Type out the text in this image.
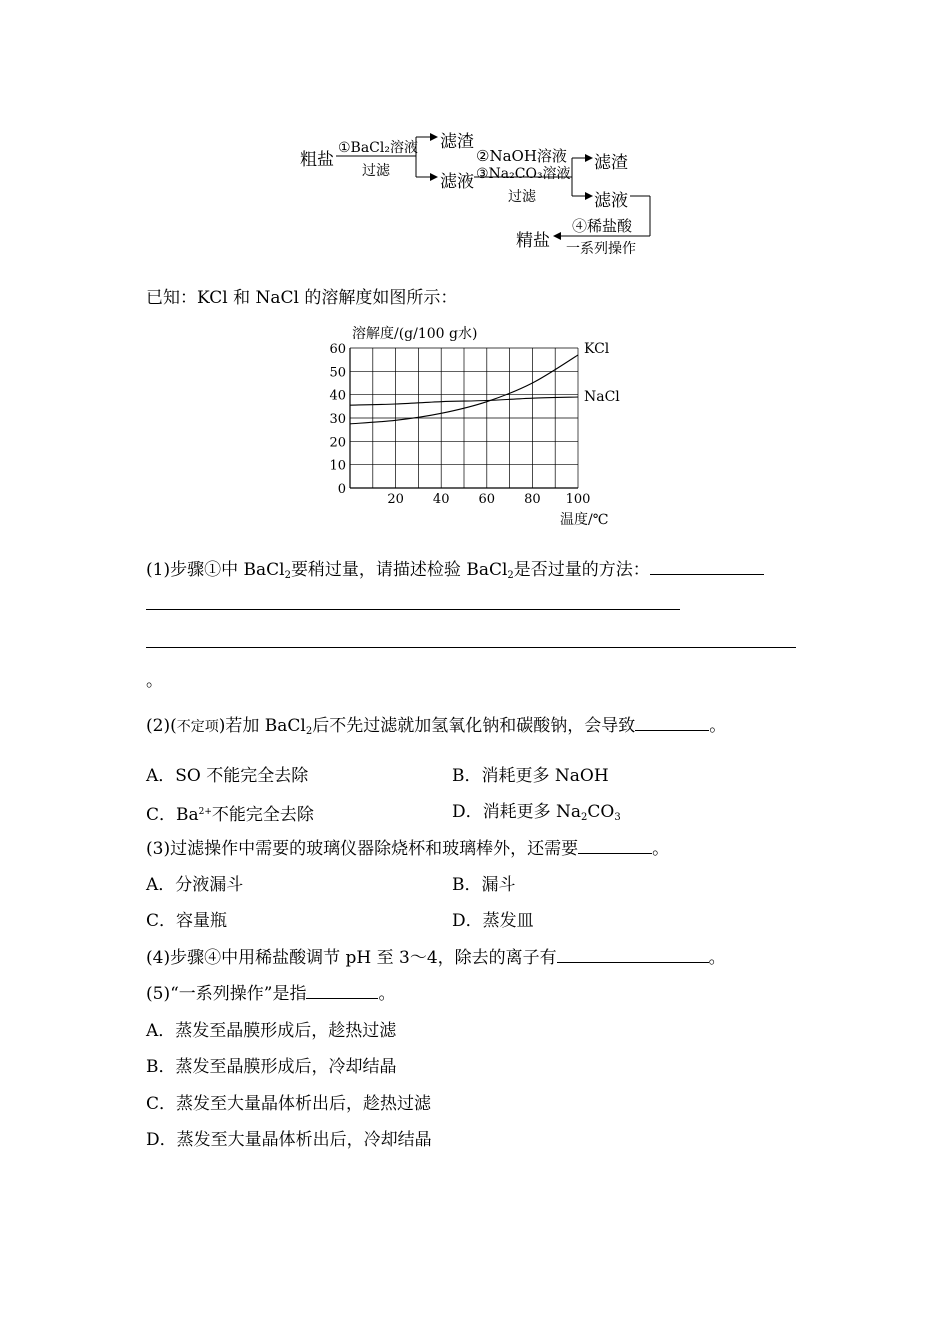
粗盐
①BaCl₂溶液
过滤
滤渣
滤液
②NaOH溶液
③Na₂CO₃溶液
过滤
滤渣
滤液
④稀盐酸
一系列操作
精盐
已知：KCl 和 NaCl 的溶解度如图所示：
20 40 60 80 100
0
10
20
30
40
50
60	KCl
NaCl
溶解度/(g/100 g水)
温度/℃
(1)步骤①中 BaCl$_2$要稍过量，请描述检验 BaCl$_2$是否过量的方法：
。
(2)(不定项)若加 BaCl$_2$后不先过滤就加氢氧化钠和碳酸钠，会导致	。
A．SO 不能完全去除	B．消耗更多 NaOH
C．$Ba^{2+}$不能完全去除	D．消耗更多 $Na_2CO_3$
(3)过滤操作中需要的玻璃仪器除烧杯和玻璃棒外，还需要	。
A．分液漏斗	B．漏斗
C．容量瓶	D．蒸发皿
(4)步骤④中用稀盐酸调节 pH 至 3～4，除去的离子有	。
(5)“一系列操作”是指	。
A．蒸发至晶膜形成后，趁热过滤
B．蒸发至晶膜形成后，冷却结晶
C．蒸发至大量晶体析出后，趁热过滤
D．蒸发至大量晶体析出后，冷却结晶
